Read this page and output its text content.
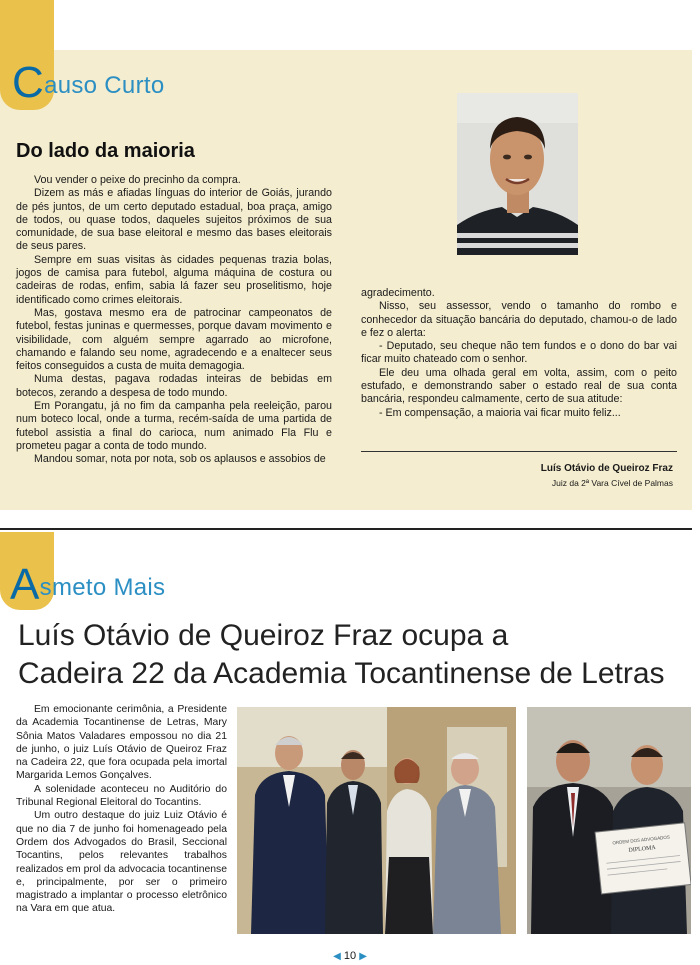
Causo Curto
Do lado da maioria

Vou vender o peixe do precinho da compra.

Dizem as más e afiadas línguas do interior de Goiás, jurando de pés juntos, de um certo deputado estadual, boa praça, amigo de todos, ou quase todos, daqueles sujeitos próximos de sua comunidade, de sua base eleitoral e mesmo das bases eleitorais de seus pares.

Sempre em suas visitas às cidades pequenas trazia bolas, jogos de camisa para futebol, alguma máquina de costura ou cadeiras de rodas, enfim, sabia lá fazer seu proselitismo, hoje identificado como crimes eleitorais.

Mas, gostava mesmo era de patrocinar campeonatos de futebol, festas juninas e quermesses, porque davam movimento e visibilidade, com alguém sempre agarrado ao microfone, chamando e falando seu nome, agradecendo e a enaltecer seus feitos conseguidos a custa de muita demagogia.

Numa destas, pagava rodadas inteiras de bebidas em botecos, zerando a despesa de todo mundo.

Em Porangatu, já no fim da campanha pela reeleição, parou num boteco local, onde a turma, recém-saída de uma partida de futebol assistia a final do carioca, num animado Fla Flu e prometeu pagar a conta de todo mundo.

Mandou somar, nota por nota, sob os aplausos e assobios de

agradecimento.

Nisso, seu assessor, vendo o tamanho do rombo e conhecedor da situação bancária do deputado, chamou-o de lado e fez o alerta:

- Deputado, seu cheque não tem fundos e o dono do bar vai ficar muito chateado com o senhor.

Ele deu uma olhada geral em volta, assim, com o peito estufado, e demonstrando saber o estado real de sua conta bancária, respondeu calmamente, certo de sua atitude:

- Em compensação, a maioria vai ficar muito feliz...

Luís Otávio de Queiroz Fraz
Juiz da 2ª Vara Cível de Palmas
Asmeto Mais
Luís Otávio de Queiroz Fraz ocupa a
Cadeira 22 da Academia Tocantinense de Letras

Em emocionante cerimônia, a Presidente da Academia Tocantinense de Letras, Mary Sônia Matos Valadares empossou no dia 21 de junho, o juiz Luís Otávio de Queiroz Fraz na Cadeira 22, que fora ocupada pela imortal Margarida Lemos Gonçalves.

A solenidade aconteceu no Auditório do Tribunal Regional Eleitoral do Tocantins.

Um outro destaque do juiz Luiz Otávio é que no dia 7 de junho foi homenageado pela Ordem dos Advogados do Brasil, Seccional Tocantins, pelos relevantes trabalhos realizados em prol da advocacia tocantinense e, principalmente, por ser o primeiro magistrado a implantar o processo eletrônico na Vara em que atua.

ORDEM DOS ADVOGADOS
DIPLOMA
◀ 10 ▶
